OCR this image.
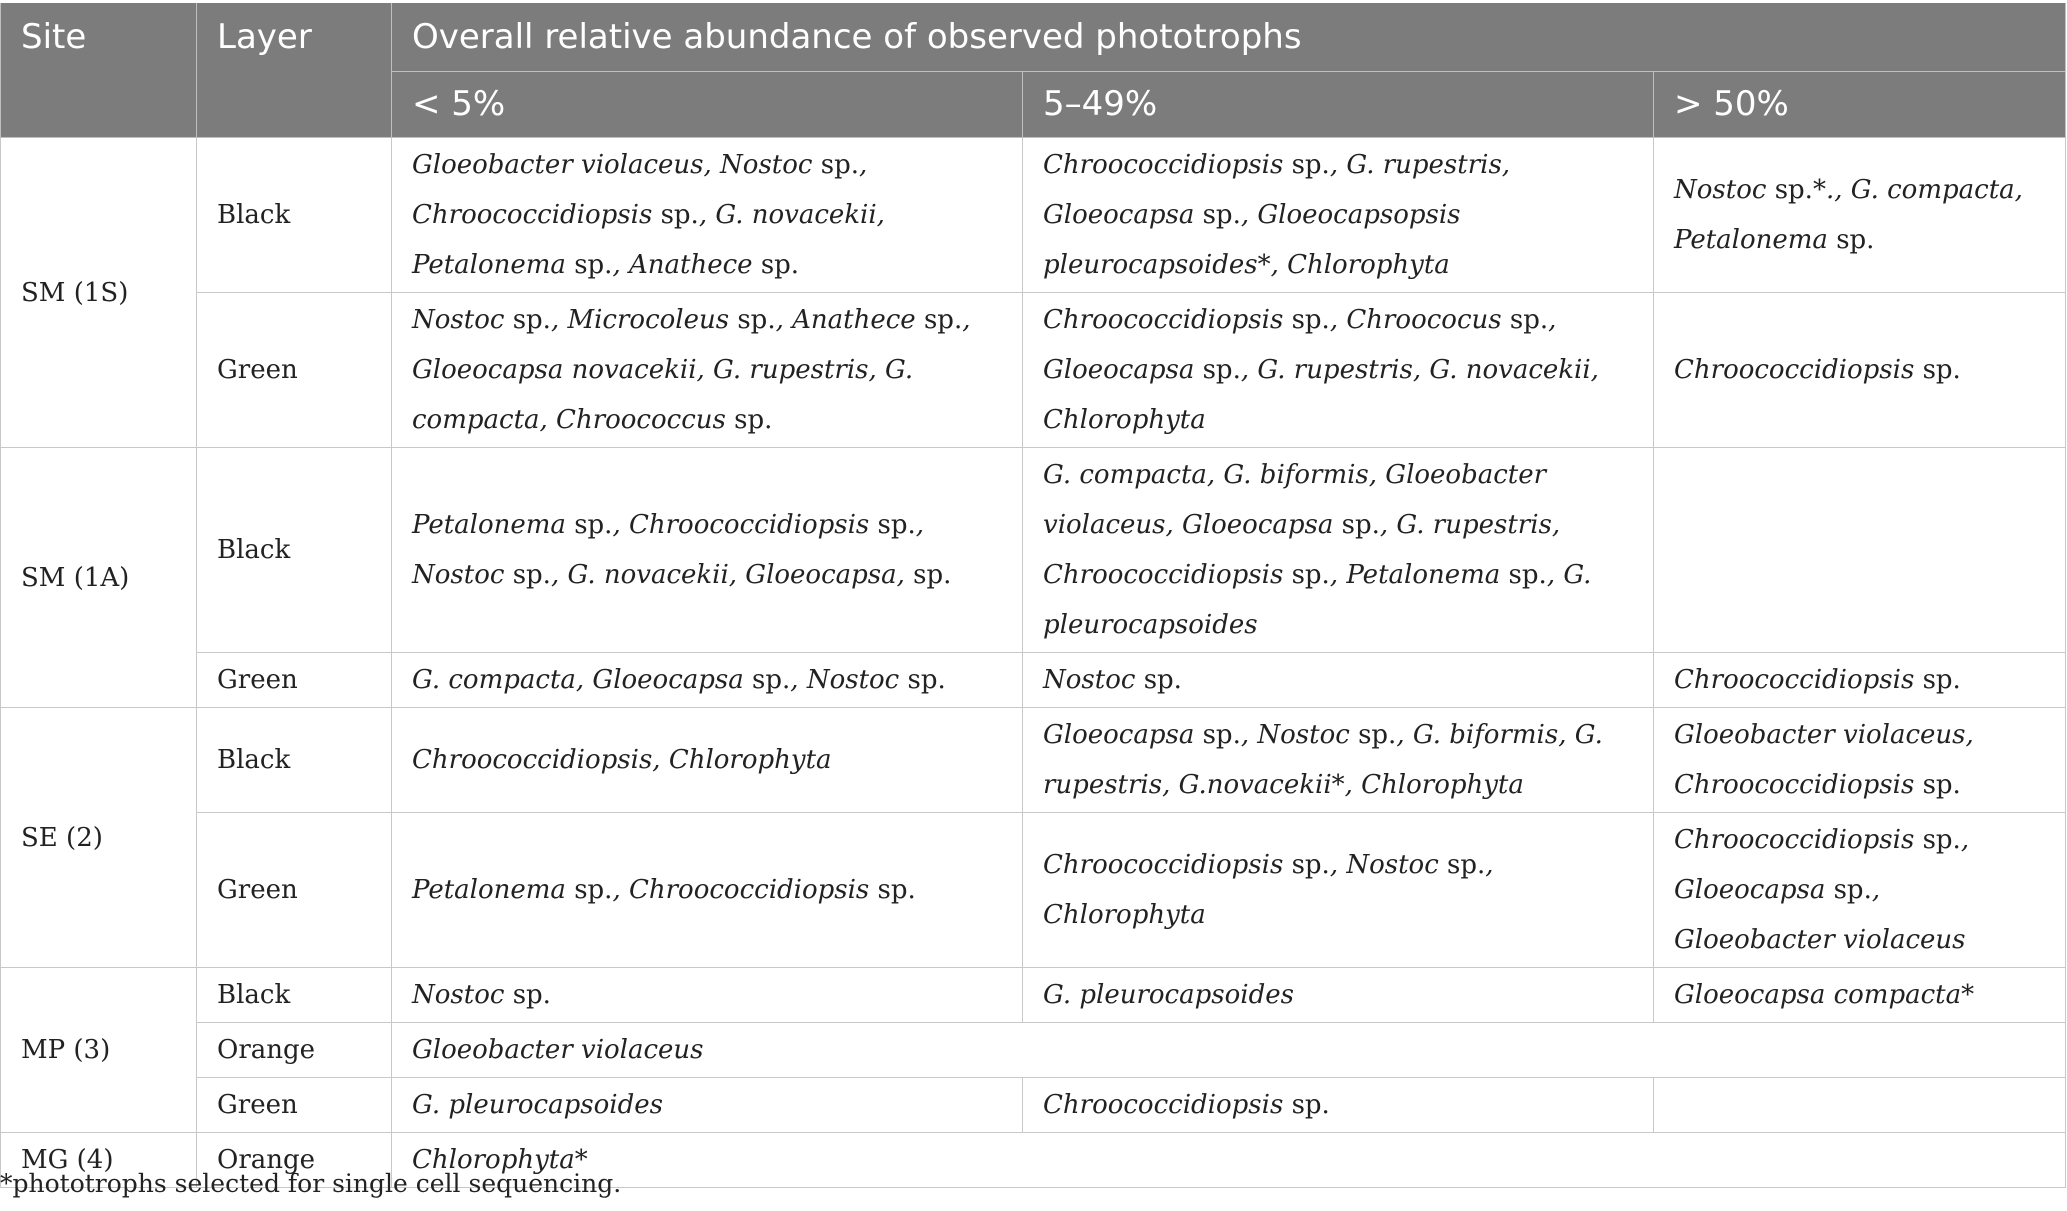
Site	Layer	Overall relative abundance of observed phototrophs		
		< 5%	5–49%	> 50%
SM (1S)	Black	Gloeobacter violaceus, Nostoc sp., Chroococcidiopsis sp., G. novacekii, Petalonema sp., Anathece sp.	Chroococcidiopsis sp., G. rupestris, Gloeocapsa sp., Gloeocapsopsis pleurocapsoides*, Chlorophyta	Nostoc sp.*., G. compacta, Petalonema sp.
	Green	Nostoc sp., Microcoleus sp., Anathece sp., Gloeocapsa novacekii, G. rupestris, G. compacta, Chroococcus sp.	Chroococcidiopsis sp., Chroococus sp., Gloeocapsa sp., G. rupestris, G. novacekii, Chlorophyta	Chroococcidiopsis sp.
SM (1A)	Black	Petalonema sp., Chroococcidiopsis sp., Nostoc sp., G. novacekii, Gloeocapsa, sp.	G. compacta, G. biformis, Gloeobacter violaceus, Gloeocapsa sp., G. rupestris, Chroococcidiopsis sp., Petalonema sp., G. pleurocapsoides	
	Green	G. compacta, Gloeocapsa sp., Nostoc sp.	Nostoc sp.	Chroococcidiopsis sp.
SE (2)	Black	Chroococcidiopsis, Chlorophyta	Gloeocapsa sp., Nostoc sp., G. biformis, G. rupestris, G.novacekii*, Chlorophyta	Gloeobacter violaceus, Chroococcidiopsis sp.
	Green	Petalonema sp., Chroococcidiopsis sp.	Chroococcidiopsis sp., Nostoc sp., Chlorophyta	Chroococcidiopsis sp., Gloeocapsa sp., Gloeobacter violaceus
MP (3)	Black	Nostoc sp.	G. pleurocapsoides	Gloeocapsa compacta*
	Orange	Gloeobacter violaceus		
	Green	G. pleurocapsoides	Chroococcidiopsis sp.	
MG (4)	Orange	Chlorophyta*		
*phototrophs selected for single cell sequencing.
